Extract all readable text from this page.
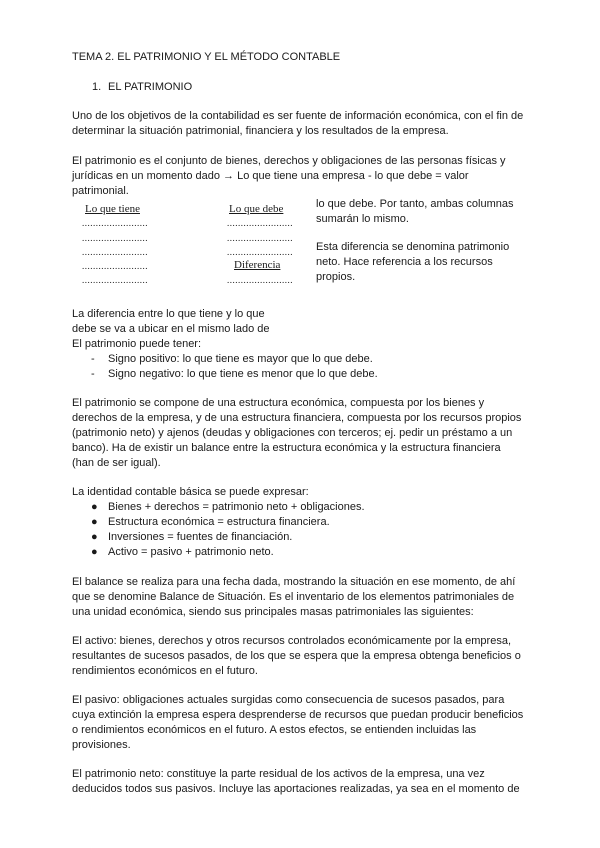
TEMA 2. EL PATRIMONIO Y EL MÉTODO CONTABLE
1. EL PATRIMONIO
Uno de los objetivos de la contabilidad es ser fuente de información económica, con el fin de
determinar la situación patrimonial, financiera y los resultados de la empresa.
El patrimonio es el conjunto de bienes, derechos y obligaciones de las personas físicas y
jurídicas en un momento dado → Lo que tiene una empresa - lo que debe = valor
patrimonial.
Lo que tiene	Lo que debe
........................
........................
........................
........................
........................
........................
........................
........................
Diferencia
........................
lo que debe. Por tanto, ambas columnas
sumarán lo mismo.
Esta diferencia se denomina patrimonio
neto. Hace referencia a los recursos
propios.
La diferencia entre lo que tiene y lo que
debe se va a ubicar en el mismo lado de
El patrimonio puede tener:
- Signo positivo: lo que tiene es mayor que lo que debe.
- Signo negativo: lo que tiene es menor que lo que debe.
El patrimonio se compone de una estructura económica, compuesta por los bienes y
derechos de la empresa, y de una estructura financiera, compuesta por los recursos propios
(patrimonio neto) y ajenos (deudas y obligaciones con terceros; ej. pedir un préstamo a un
banco). Ha de existir un balance entre la estructura económica y la estructura financiera
(han de ser igual).
La identidad contable básica se puede expresar:
● Bienes + derechos = patrimonio neto + obligaciones.
● Estructura económica = estructura financiera.
● Inversiones = fuentes de financiación.
● Activo = pasivo + patrimonio neto.
El balance se realiza para una fecha dada, mostrando la situación en ese momento, de ahí
que se denomine Balance de Situación. Es el inventario de los elementos patrimoniales de
una unidad económica, siendo sus principales masas patrimoniales las siguientes:
El activo: bienes, derechos y otros recursos controlados económicamente por la empresa,
resultantes de sucesos pasados, de los que se espera que la empresa obtenga beneficios o
rendimientos económicos en el futuro.
El pasivo: obligaciones actuales surgidas como consecuencia de sucesos pasados, para
cuya extinción la empresa espera desprenderse de recursos que puedan producir beneficios
o rendimientos económicos en el futuro. A estos efectos, se entienden incluidas las
provisiones.
El patrimonio neto: constituye la parte residual de los activos de la empresa, una vez
deducidos todos sus pasivos. Incluye las aportaciones realizadas, ya sea en el momento de
